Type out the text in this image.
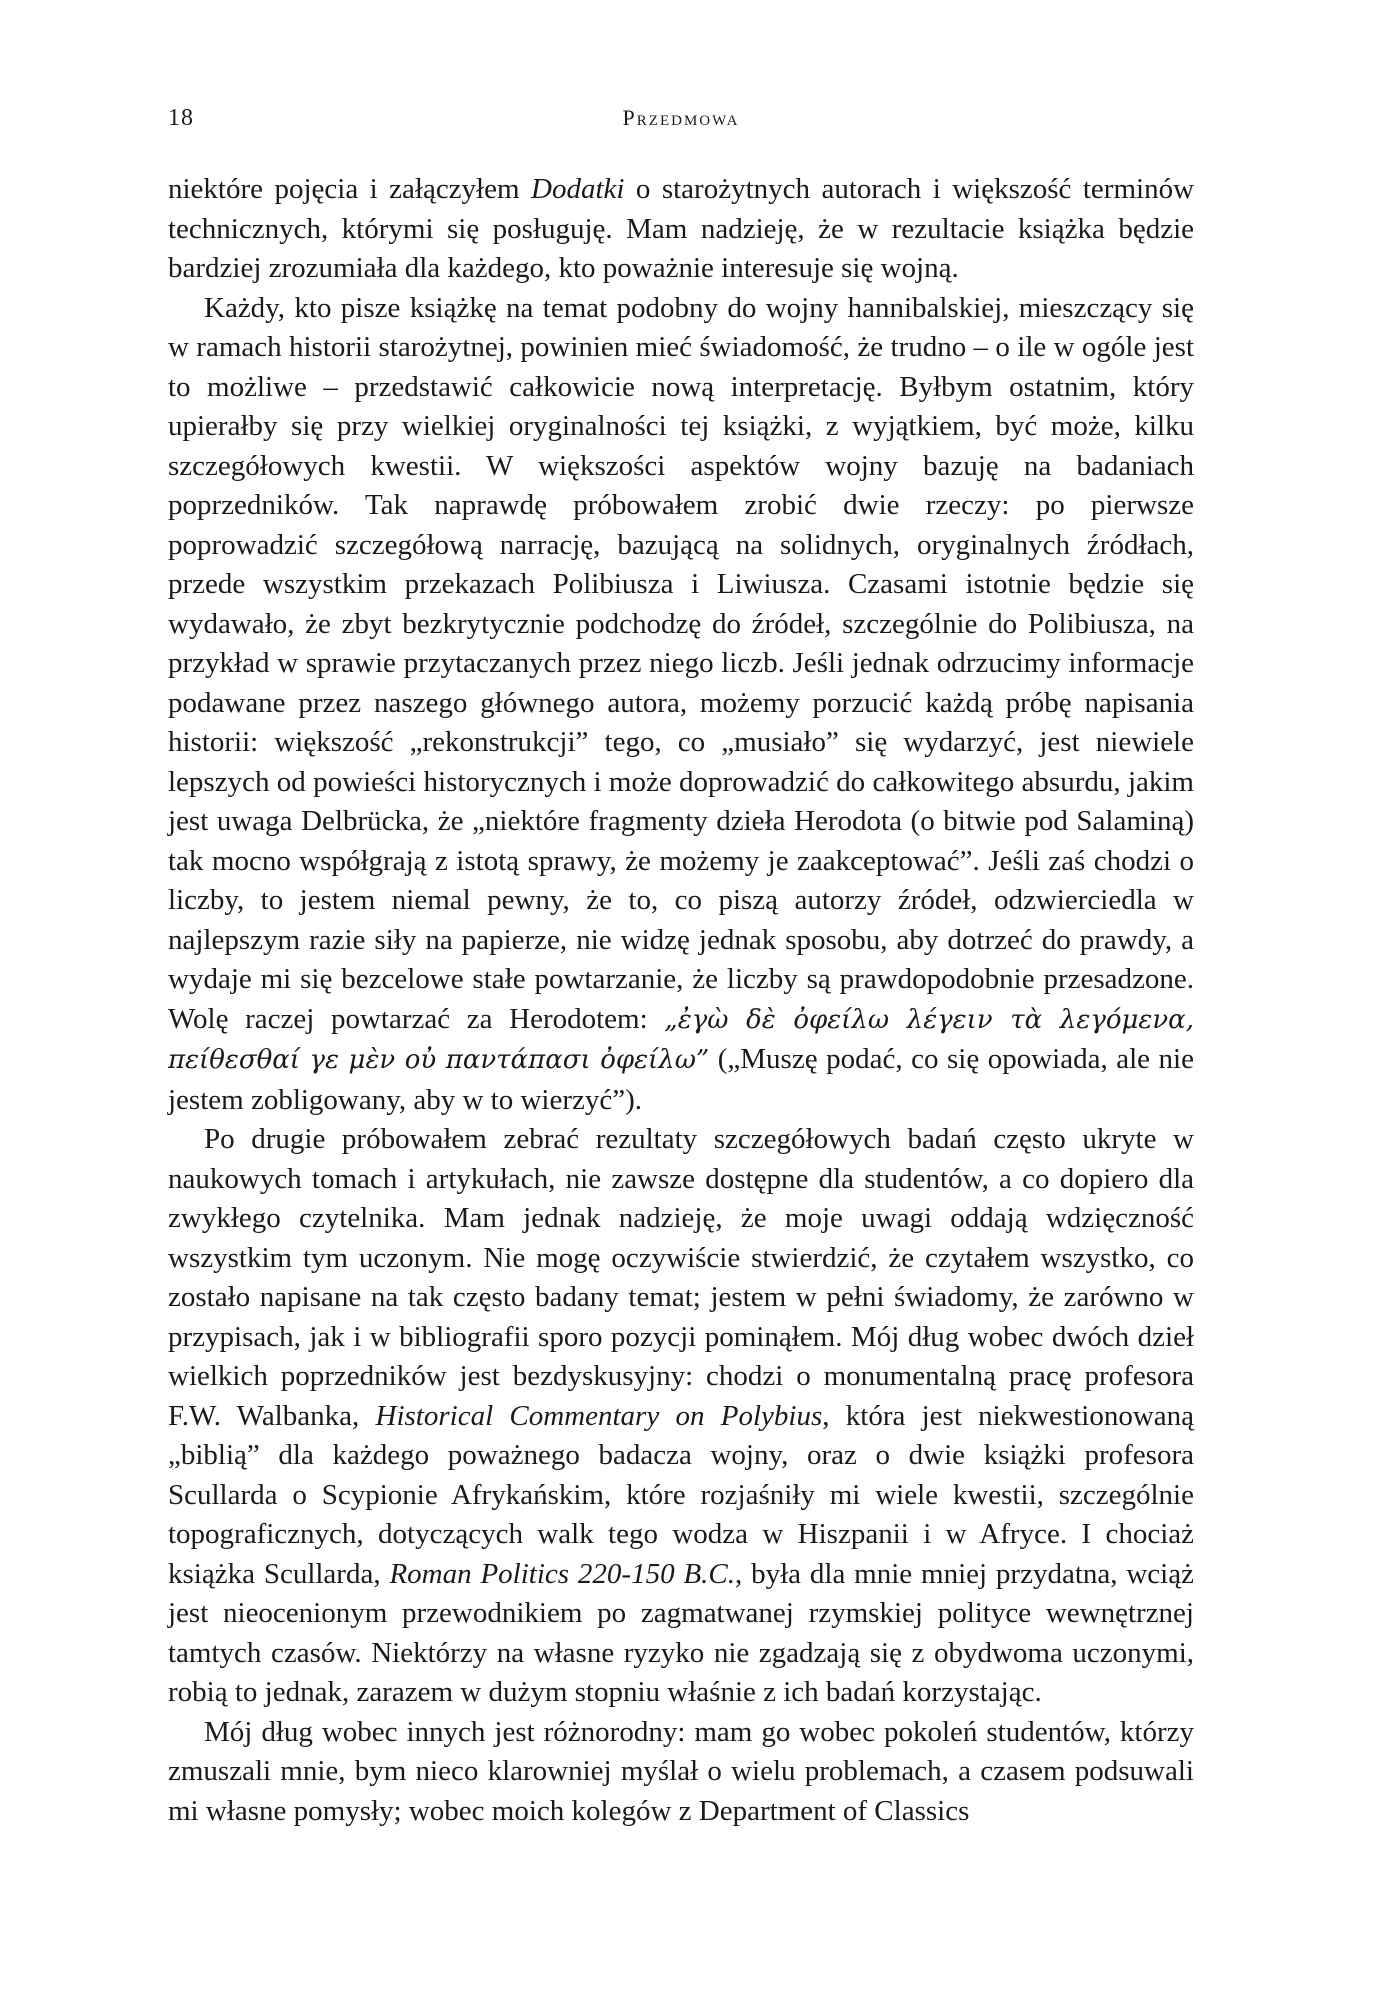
18	Przedmowa

niektóre pojęcia i załączyłem Dodatki o starożytnych autorach i większość terminów technicznych, którymi się posługuję. Mam nadzieję, że w rezultacie książka będzie bardziej zrozumiała dla każdego, kto poważnie interesuje się wojną.

Każdy, kto pisze książkę na temat podobny do wojny hannibalskiej, mieszczący się w ramach historii starożytnej, powinien mieć świadomość, że trudno – o ile w ogóle jest to możliwe – przedstawić całkowicie nową interpretację. Byłbym ostatnim, który upierałby się przy wielkiej oryginalności tej książki, z wyjątkiem, być może, kilku szczegółowych kwestii. W większości aspektów wojny bazuję na badaniach poprzedników. Tak naprawdę próbowałem zrobić dwie rzeczy: po pierwsze poprowadzić szczegółową narrację, bazującą na solidnych, oryginalnych źródłach, przede wszystkim przekazach Polibiusza i Liwiusza. Czasami istotnie będzie się wydawało, że zbyt bezkrytycznie podchodzę do źródeł, szczególnie do Polibiusza, na przykład w sprawie przytaczanych przez niego liczb. Jeśli jednak odrzucimy informacje podawane przez naszego głównego autora, możemy porzucić każdą próbę napisania historii: większość „rekonstrukcji” tego, co „musiało” się wydarzyć, jest niewiele lepszych od powieści historycznych i może doprowadzić do całkowitego absurdu, jakim jest uwaga Delbrücka, że „niektóre fragmenty dzieła Herodota (o bitwie pod Salaminą) tak mocno współgrają z istotą sprawy, że możemy je zaakceptować”. Jeśli zaś chodzi o liczby, to jestem niemal pewny, że to, co piszą autorzy źródeł, odzwierciedla w najlepszym razie siły na papierze, nie widzę jednak sposobu, aby dotrzeć do prawdy, a wydaje mi się bezcelowe stałe powtarzanie, że liczby są prawdopodobnie przesadzone. Wolę raczej powtarzać za Herodotem: „ἐγὼ δὲ ὀφείλω λέγειν τὰ λεγόμενα, πείθεσθαί γε μὲν οὐ παντάπασι ὀφείλω” („Muszę podać, co się opowiada, ale nie jestem zobligowany, aby w to wierzyć”).

Po drugie próbowałem zebrać rezultaty szczegółowych badań często ukryte w naukowych tomach i artykułach, nie zawsze dostępne dla studentów, a co dopiero dla zwykłego czytelnika. Mam jednak nadzieję, że moje uwagi oddają wdzięczność wszystkim tym uczonym. Nie mogę oczywiście stwierdzić, że czytałem wszystko, co zostało napisane na tak często badany temat; jestem w pełni świadomy, że zarówno w przypisach, jak i w bibliografii sporo pozycji pominąłem. Mój dług wobec dwóch dzieł wielkich poprzedników jest bezdyskusyjny: chodzi o monumentalną pracę profesora F.W. Walbanka, Historical Commentary on Polybius, która jest niekwestionowaną „biblią” dla każdego poważnego badacza wojny, oraz o dwie książki profesora Scullarda o Scypionie Afrykańskim, które rozjaśniły mi wiele kwestii, szczególnie topograficznych, dotyczących walk tego wodza w Hiszpanii i w Afryce. I chociaż książka Scullarda, Roman Politics 220-150 B.C., była dla mnie mniej przydatna, wciąż jest nieocenionym przewodnikiem po zagmatwanej rzymskiej polityce wewnętrznej tamtych czasów. Niektórzy na własne ryzyko nie zgadzają się z obydwoma uczonymi, robią to jednak, zarazem w dużym stopniu właśnie z ich badań korzystając.

Mój dług wobec innych jest różnorodny: mam go wobec pokoleń studentów, którzy zmuszali mnie, bym nieco klarowniej myślał o wielu problemach, a czasem podsuwali mi własne pomysły; wobec moich kolegów z Department of Classics
